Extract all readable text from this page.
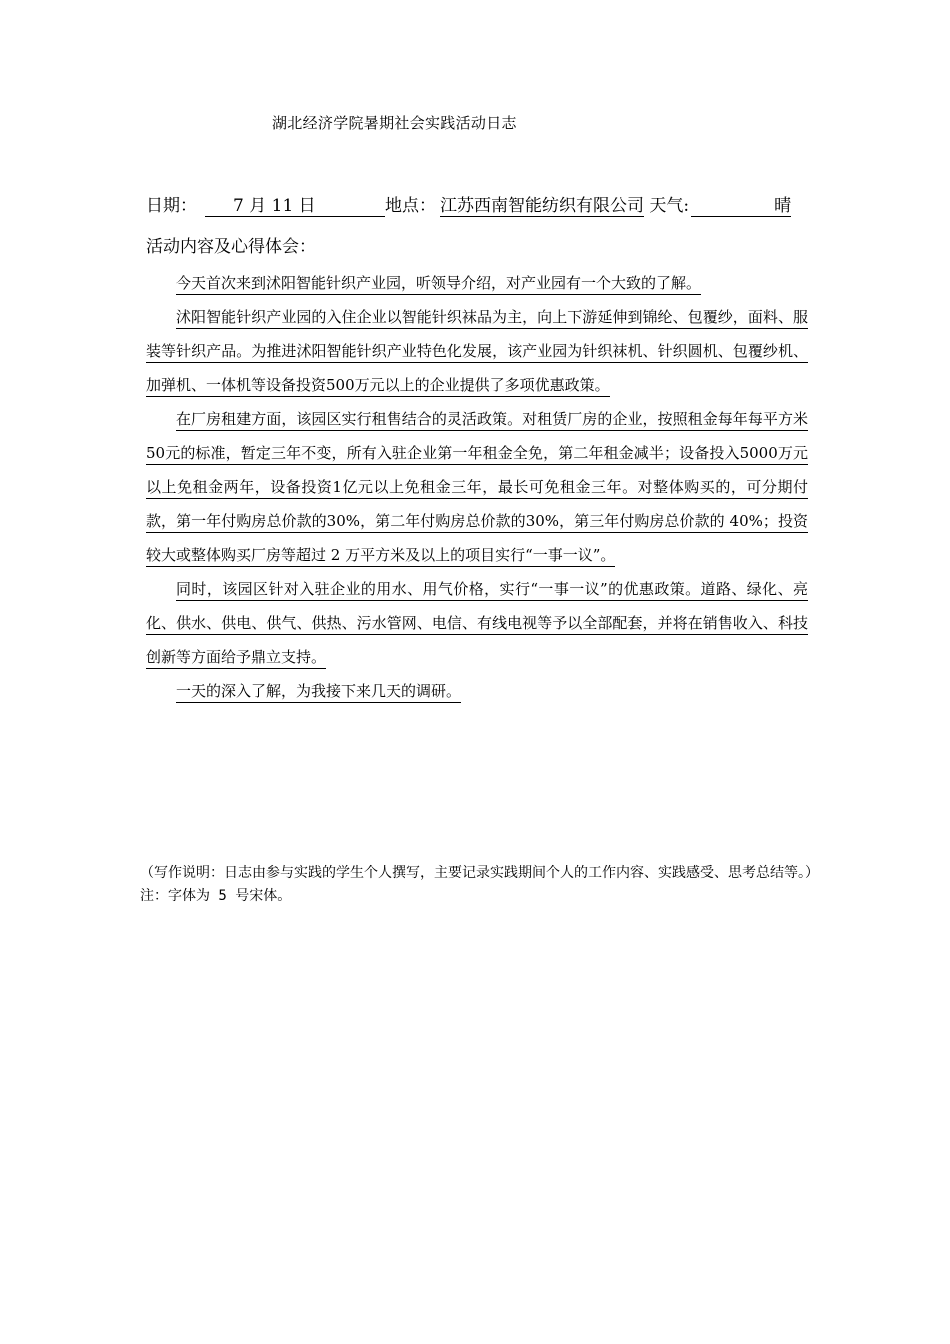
湖北经济学院暑期社会实践活动日志
日期： 7 月 11 日	地点： 江苏西南智能纺织有限公司 天气:	晴
活动内容及心得体会：

今天首次来到沭阳智能针织产业园，听领导介绍，对产业园有一个大致的了解。

沭阳智能针织产业园的入住企业以智能针织袜品为主，向上下游延伸到锦纶、包覆纱，面料、服装等针织产品。为推进沭阳智能针织产业特色化发展，该产业园为针织袜机、针织圆机、包覆纱机、加弹机、一体机等设备投资500万元以上的企业提供了多项优惠政策。

在厂房租建方面，该园区实行租售结合的灵活政策。对租赁厂房的企业，按照租金每年每平方米50元的标准，暂定三年不变，所有入驻企业第一年租金全免，第二年租金减半；设备投入5000万元以上免租金两年，设备投资1亿元以上免租金三年，最长可免租金三年。对整体购买的，可分期付款，第一年付购房总价款的30%，第二年付购房总价款的30%，第三年付购房总价款的 40%；投资较大或整体购买厂房等超过 2 万平方米及以上的项目实行“一事一议”。

同时，该园区针对入驻企业的用水、用气价格，实行“一事一议”的优惠政策。道路、绿化、亮化、供水、供电、供气、供热、污水管网、电信、有线电视等予以全部配套，并将在销售收入、科技创新等方面给予鼎立支持。

一天的深入了解，为我接下来几天的调研。

（写作说明：日志由参与实践的学生个人撰写，主要记录实践期间个人的工作内容、实践感受、思考总结等。）

注：字体为 5 号宋体。
